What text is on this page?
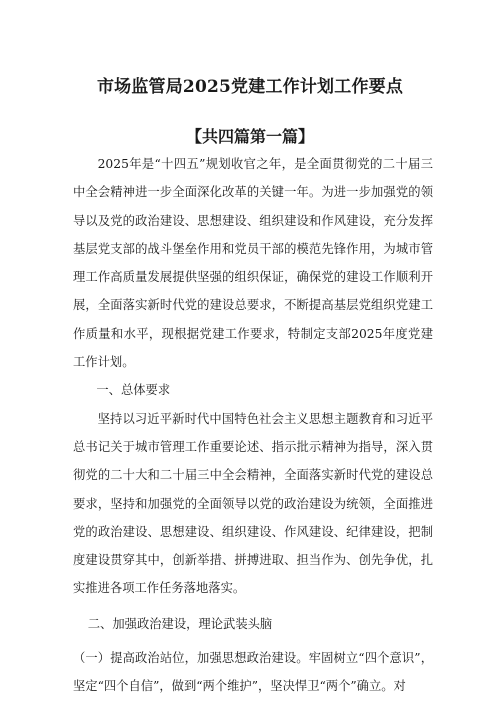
市场监管局2025党建工作计划工作要点
【共四篇第一篇】

2025年是“十四五”规划收官之年，是全面贯彻党的二十届三中全会精神进一步全面深化改革的关键一年。为进一步加强党的领导以及党的政治建设、思想建设、组织建设和作风建设，充分发挥基层党支部的战斗堡垒作用和党员干部的模范先锋作用，为城市管理工作高质量发展提供坚强的组织保证，确保党的建设工作顺利开展，全面落实新时代党的建设总要求，不断提高基层党组织党建工作质量和水平，现根据党建工作要求，特制定支部2025年度党建工作计划。

一、总体要求

坚持以习近平新时代中国特色社会主义思想主题教育和习近平总书记关于城市管理工作重要论述、指示批示精神为指导，深入贯彻党的二十大和二十届三中全会精神，全面落实新时代党的建设总要求，坚持和加强党的全面领导以党的政治建设为统领，全面推进党的政治建设、思想建设、组织建设、作风建设、纪律建设，把制度建设贯穿其中，创新举措、拼搏进取、担当作为、创先争优，扎实推进各项工作任务落地落实。

二、加强政治建设，理论武装头脑

（一）提高政治站位，加强思想政治建设。牢固树立“四个意识”，坚定“四个自信”，做到“两个维护”，坚决悍卫“两个”确立。对
